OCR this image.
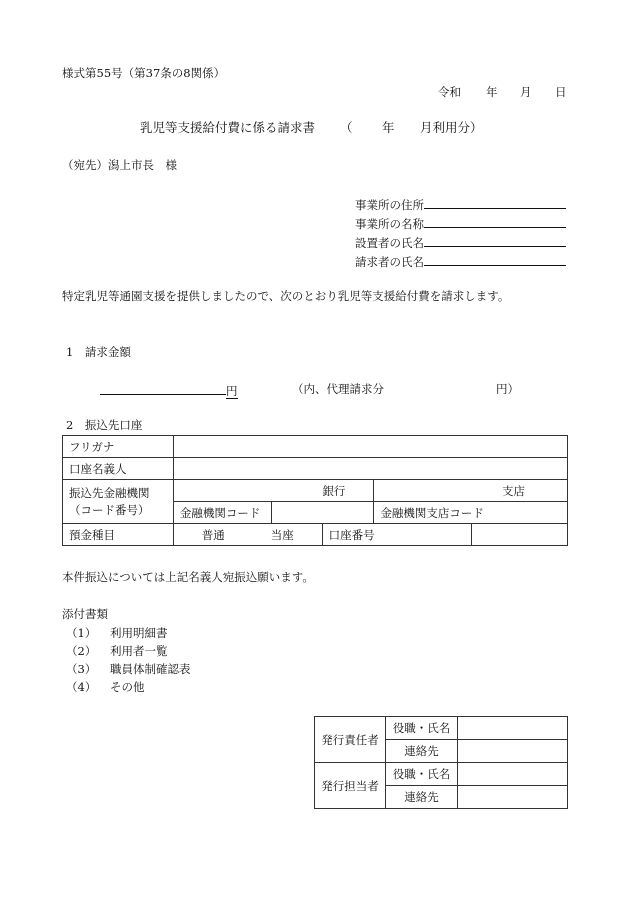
様式第55号（第37条の8関係）
令和 年 月 日
乳児等支援給付費に係る請求書 （ 年 月利用分）
（宛先）潟上市長　様
事業所の住所
事業所の名称
設置者の氏名
請求者の氏名
特定乳児等通園支援を提供しましたので、次のとおり乳児等支援給付費を請求します。
1　請求金額
円	（内、代理請求分	円）
2　振込先口座
フリガナ					
口座名義人					

振込先金融機関
（コード番号）	銀行			支店	
	金融機関コード			金融機関支店コード
預金種目	普通　　　　当座		口座番号		
本件振込については上記名義人宛振込願います。
添付書類
（1） 利用明細書
（2） 利用者一覧
（3） 職員体制確認表
（4） その他
発行責任者	役職・氏名	
	連絡先	
発行担当者	役職・氏名	
	連絡先	
